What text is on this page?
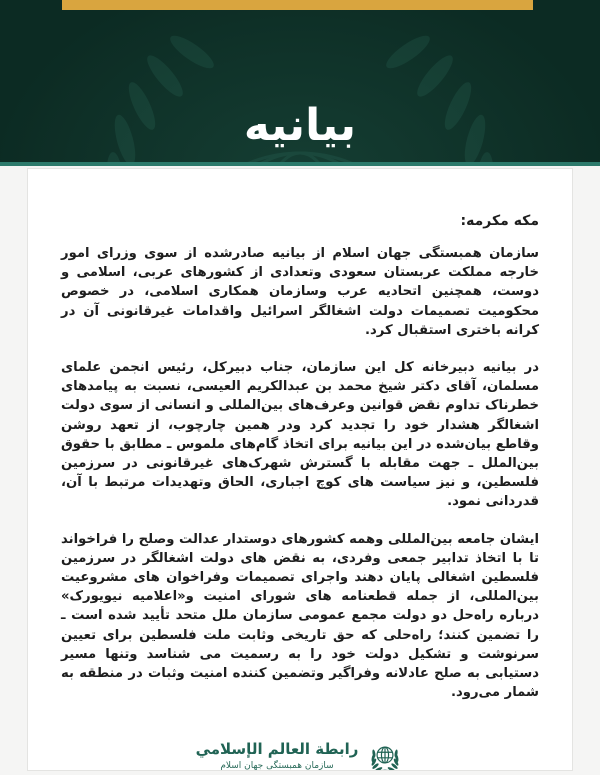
بیانیه

مکه مکرمه:

سازمان همبستگی جهان اسلام از بیانیه صادرشده از سوی وزرای امور خارجه مملکت عربستان سعودی وتعدادی از کشورهای عربی، اسلامی و دوست، همچنین اتحادیه عرب وسازمان همکاری اسلامی، در خصوص محکومیت تصمیمات دولت اشغالگر اسرائیل واقدامات غیرقانونی آن در کرانه باختری استقبال کرد.

در بیانیه دبیرخانه کل این سازمان، جناب دبیرکل، رئیس انجمن علمای مسلمان، آقای دکتر شیخ محمد بن عبدالکریم العیسی، نسبت به پیامدهای خطرناک تداوم نقض قوانین وعرف‌های بین‌المللی و انسانی از سوی دولت اشغالگر هشدار خود را تجدید کرد ودر همین چارچوب، از تعهد روشن وقاطع بیان‌شده در این بیانیه برای اتخاذ گام‌های ملموس ـ مطابق با حقوق بین‌الملل ـ جهت مقابله با گسترش شهرک‌های غیرقانونی در سرزمین فلسطین، و نیز سیاست های کوچ اجباری، الحاق وتهدیدات مرتبط با آن، قدردانی نمود.

ایشان جامعه بین‌المللی وهمه کشورهای دوستدار عدالت وصلح را فراخواند تا با اتخاذ تدابیر جمعی وفردی، به نقض های دولت اشغالگر در سرزمین فلسطین اشغالی پایان دهند واجرای تصمیمات وفراخوان های مشروعیت بین‌المللی، از جمله قطعنامه های شورای امنیت و«اعلامیه نیویورک» درباره راه‌حل دو دولت مجمع عمومی سازمان ملل متحد تأیید شده است ـ را تضمین کنند؛ راه‌حلی که حق تاریخی وثابت ملت فلسطین برای تعیین سرنوشت و تشکیل دولت خود را به رسمیت می شناسد وتنها مسیر دستیابی به صلح عادلانه وفراگیر وتضمین کننده امنیت وثبات در منطقه به شمار می‌رود.

رابطة العالم الإسلامي
سازمان همبستگی جهان اسلام
